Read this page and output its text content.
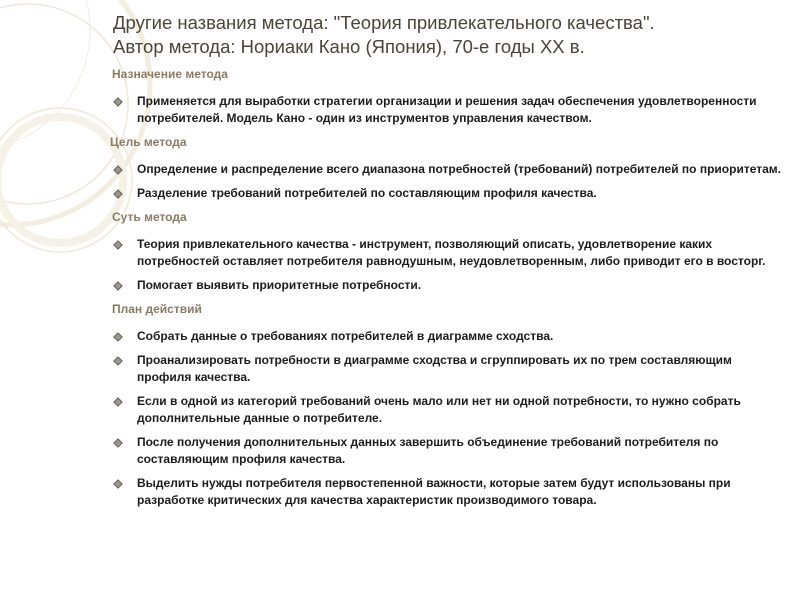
Другие названия метода: "Теория привлекательного качества".
Автор метода: Нориаки Кано (Япония), 70-е годы XX в.
Назначение метода
Применяется для выработки стратегии организации и решения задач обеспечения удовлетворенности потребителей. Модель Кано - один из инструментов управления качеством.
Цель метода
Определение и распределение всего диапазона потребностей (требований) потребителей по приоритетам.
Разделение требований потребителей по составляющим профиля качества.
Суть метода
Теория привлекательного качества - инструмент, позволяющий описать, удовлетворение каких потребностей оставляет потребителя равнодушным, неудовлетворенным, либо приводит его в восторг.
Помогает выявить приоритетные потребности.
План действий
Собрать данные о требованиях потребителей в диаграмме сходства.
Проанализировать потребности в диаграмме сходства и сгруппировать их по трем составляющим профиля качества.
Если в одной из категорий требований очень мало или нет ни одной потребности, то нужно собрать дополнительные данные о потребителе.
После получения дополнительных данных завершить объединение требований потребителя по составляющим профиля качества.
Выделить нужды потребителя первостепенной важности, которые затем будут использованы при разработке критических для качества характеристик производимого товара.
